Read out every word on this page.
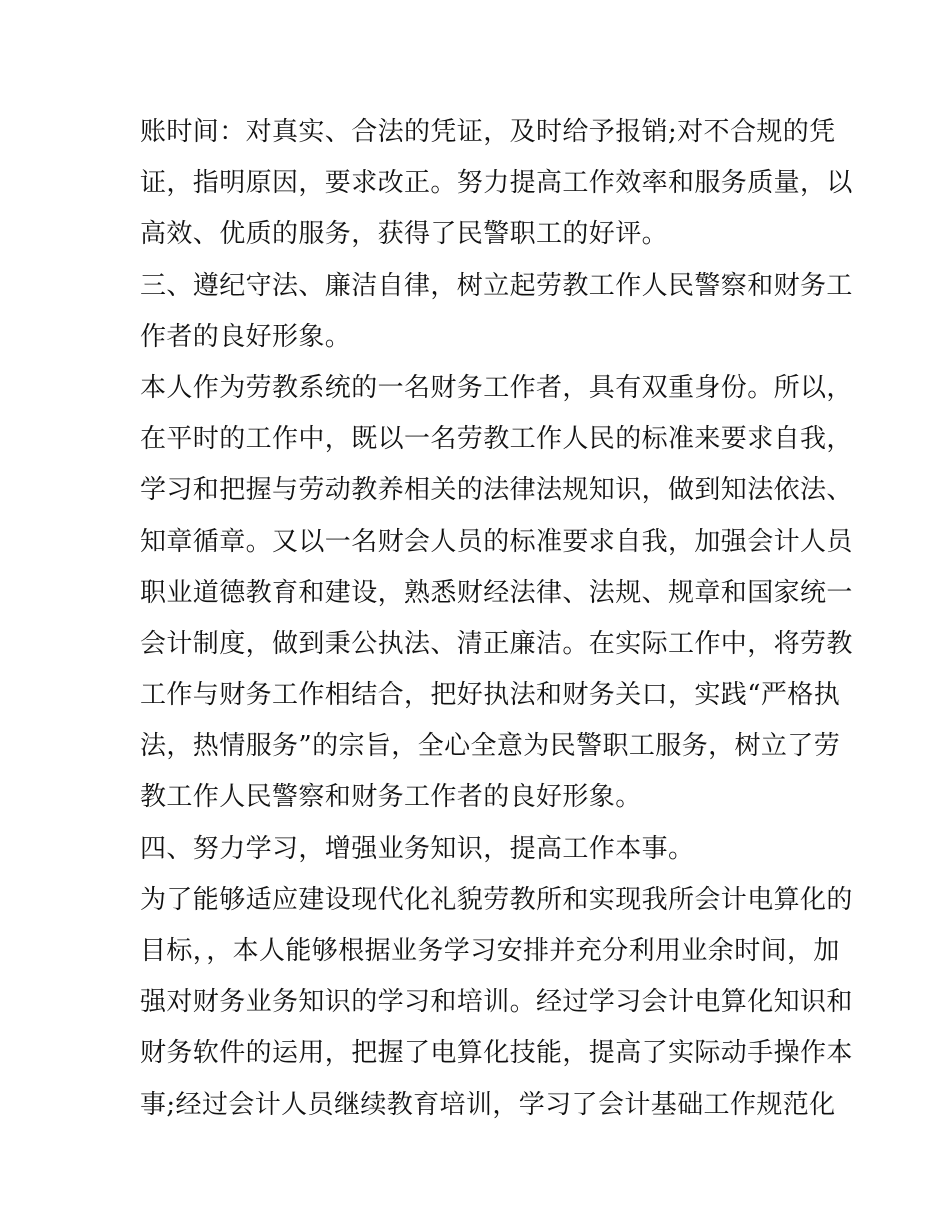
账时间：对真实、合法的凭证，及时给予报销;对不合规的凭
证，指明原因，要求改正。努力提高工作效率和服务质量，以
高效、优质的服务，获得了民警职工的好评。
三、遵纪守法、廉洁自律，树立起劳教工作人民警察和财务工
作者的良好形象。
本人作为劳教系统的一名财务工作者，具有双重身份。所以，
在平时的工作中，既以一名劳教工作人民的标准来要求自我，
学习和把握与劳动教养相关的法律法规知识，做到知法依法、
知章循章。又以一名财会人员的标准要求自我，加强会计人员
职业道德教育和建设，熟悉财经法律、法规、规章和国家统一
会计制度，做到秉公执法、清正廉洁。在实际工作中，将劳教
工作与财务工作相结合，把好执法和财务关口，实践“严格执
法，热情服务”的宗旨，全心全意为民警职工服务，树立了劳
教工作人民警察和财务工作者的良好形象。
四、努力学习，增强业务知识，提高工作本事。
为了能够适应建设现代化礼貌劳教所和实现我所会计电算化的
目标，，本人能够根据业务学习安排并充分利用业余时间，加
强对财务业务知识的学习和培训。经过学习会计电算化知识和
财务软件的运用，把握了电算化技能，提高了实际动手操作本
事;经过会计人员继续教育培训，学习了会计基础工作规范化
